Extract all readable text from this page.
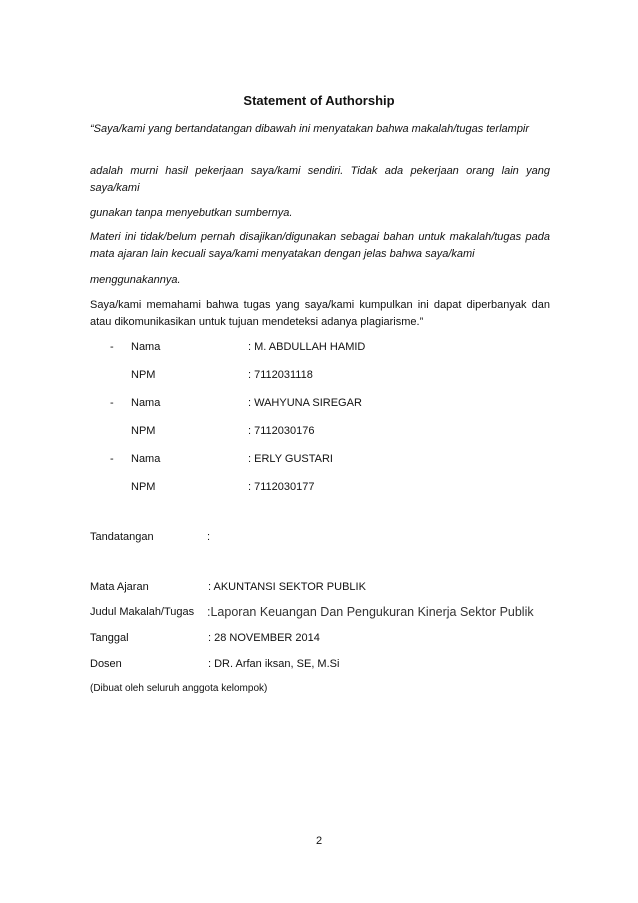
Statement of Authorship
“Saya/kami yang bertandatangan dibawah ini menyatakan bahwa makalah/tugas terlampir
adalah murni hasil pekerjaan saya/kami sendiri. Tidak ada pekerjaan orang lain yang saya/kami
gunakan tanpa menyebutkan sumbernya.
Materi ini tidak/belum pernah disajikan/digunakan sebagai bahan untuk makalah/tugas pada mata ajaran lain kecuali saya/kami menyatakan dengan jelas bahwa saya/kami
menggunakannya.
Saya/kami memahami bahwa tugas yang saya/kami kumpulkan ini dapat diperbanyak dan atau dikomunikasikan untuk tujuan mendeteksi adanya plagiarisme.”
- Nama	: M. ABDULLAH HAMID
NPM	: 7112031118
- Nama	: WAHYUNA SIREGAR
NPM	: 7112030176
- Nama	: ERLY GUSTARI
NPM	: 7112030177
Tandatangan	:
Mata Ajaran	: AKUNTANSI SEKTOR PUBLIK
Judul Makalah/Tugas :Laporan Keuangan Dan Pengukuran Kinerja Sektor Publik
Tanggal	: 28 NOVEMBER 2014
Dosen	: DR. Arfan iksan, SE, M.Si
(Dibuat oleh seluruh anggota kelompok)
2
